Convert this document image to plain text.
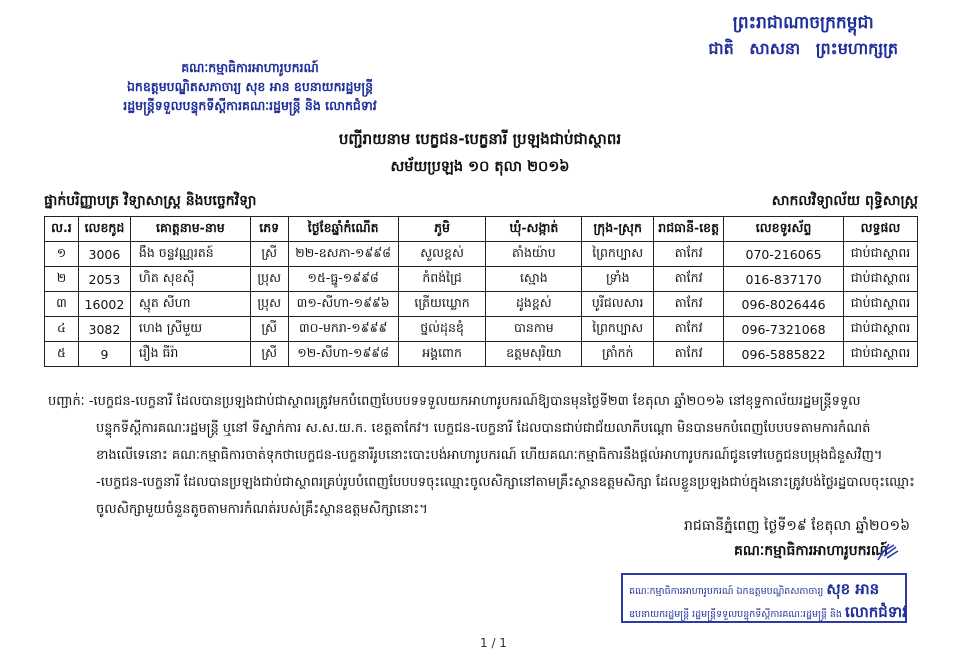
ព្រះរាជាណាចក្រកម្ពុជា
ជាតិ សាសនា ព្រះមហាក្សត្រ
គណៈកម្មាធិការអាហារូបករណ៍
ឯកឧត្តមបណ្ឌិតសភាចារ្យ សុខ អាន ឧបនាយករដ្ឋមន្ត្រី
រដ្ឋមន្ត្រីទទួលបន្ទុកទីស្តីការគណៈរដ្ឋមន្ត្រី និង លោកជំទាវ
បញ្ជីរាយនាម បេក្ខជន-បេក្ខនារី ប្រឡងជាប់ជាស្ថាពរ
សម័យប្រឡង ១០ តុលា ២០១៦
ផ្នាក់បរិញ្ញាបត្រ វិទ្យាសាស្ត្រ និងបច្ចេកវិទ្យា	សាកលវិទ្យាល័យ ពុទ្ធិសាស្ត្រ
ល.រ	លេខកូដ	គោត្តនាម-នាម	ភេទ	ថ្ងៃខែឆ្នាំកំណើត	ភូមិ	ឃុំ-សង្កាត់	ក្រុង-ស្រុក	រាជធានី-ខេត្ត	លេខទូរស័ព្ទ	លទ្ធផល
១	3006	ងឹង ចន្ទវណ្ណរតន៍	ស្រី	២២-ឧសភា-១៩៩៨	សួលខ្ពស់	តាំងយ៉ាប	ព្រៃកប្បាស	តាកែវ	070-216065	ជាប់ជាស្ថាពរ
២	2053	ហិត សុខស៊ី	ប្រុស	១៥-ធ្នូ-១៩៩៨	កំពង់ជ្រៃ	ស្មោង	ទ្រាំង	តាកែវ	016-837170	ជាប់ជាស្ថាពរ
៣	16002	ស្មុត សីហា	ប្រុស	៣១-សីហា-១៩៩៦	ត្រើយឃ្លោក	ដូងខ្ពស់	បូរីជលសារ	តាកែវ	096-8026446	ជាប់ជាស្ថាពរ
៤	3082	ហេង ស្រីមួយ	ស្រី	៣០-មករា-១៩៩៩	ថ្នល់ដុនឌុំ	បានកាម	ព្រៃកប្បាស	តាកែវ	096-7321068	ជាប់ជាស្ថាពរ
៥	9	រឿង ធីរ៉ា	ស្រី	១២-សីហា-១៩៩៨	អង្គពោក	ឧត្តមសុរិយា	ត្រាំកក់	តាកែវ	096-5885822	ជាប់ជាស្ថាពរ
បញ្ជាក់ៈ -បេក្ខជន-បេក្ខនារី ដែលបានប្រឡងជាប់ជាស្ថាពរត្រូវមកបំពេញបែបបទទទួលយកអាហារូបករណ៍ឱ្យបានមុនថ្ងៃទី២៣ ខែតុលា ឆ្នាំ២០១៦ នៅខុទ្ទកាល័យរដ្ឋមន្ត្រីទទួល
បន្ទុកទីស្តីការគណៈរដ្ឋមន្ត្រី ឬនៅ ទីស្នាក់ការ ស.ស.យ.ក. ខេត្តតាកែវ។ បេក្ខជន-បេក្ខនារី ដែលបានជាប់ជាជ័យលាភីបណ្តោ មិនបានមកបំពេញបែបបទតាមការកំណត់
ខាងលើទេនោះ គណៈកម្មាធិការចាត់ទុកថាបេក្ខជន-បេក្ខនារីរូបនោះបោះបង់អាហារូបករណ៍ ហើយគណៈកម្មាធិការនឹងផ្តល់អាហារូបករណ៍ជូនទៅបេក្ខជនបម្រុងជំនួសវិញ។
-បេក្ខជន-បេក្ខនារី ដែលបានប្រឡងជាប់ជាស្ថាពរគ្រប់រូបបំពេញបែបបទចុះឈ្មោះចូលសិក្សានៅតាមគ្រឹះស្ថានឧត្តមសិក្សា ដែលខ្លួនប្រឡងជាប់ក្នុងនោះត្រូវបង់ថ្លៃរដ្ឋបាលចុះឈ្មោះ
ចូលសិក្សាមួយចំនួនតូចតាមការកំណត់របស់គ្រឹះស្ថានឧត្តមសិក្សានោះ។
រាជធានីភ្នំពេញ ថ្ងៃទី១៩ ខែតុលា ឆ្នាំ២០១៦
គណៈកម្មាធិការអាហារូបករណ៍
គណៈកម្មាធិការអាហារូបករណ៍ ឯកឧត្តមបណ្ឌិតសភាចារ្យ សុខ អាន
ឧបនាយករដ្ឋមន្ត្រី រដ្ឋមន្ត្រីទទួលបន្ទុកទីស្តីការគណៈរដ្ឋមន្ត្រី និង លោកជំទាវ
1 / 1
